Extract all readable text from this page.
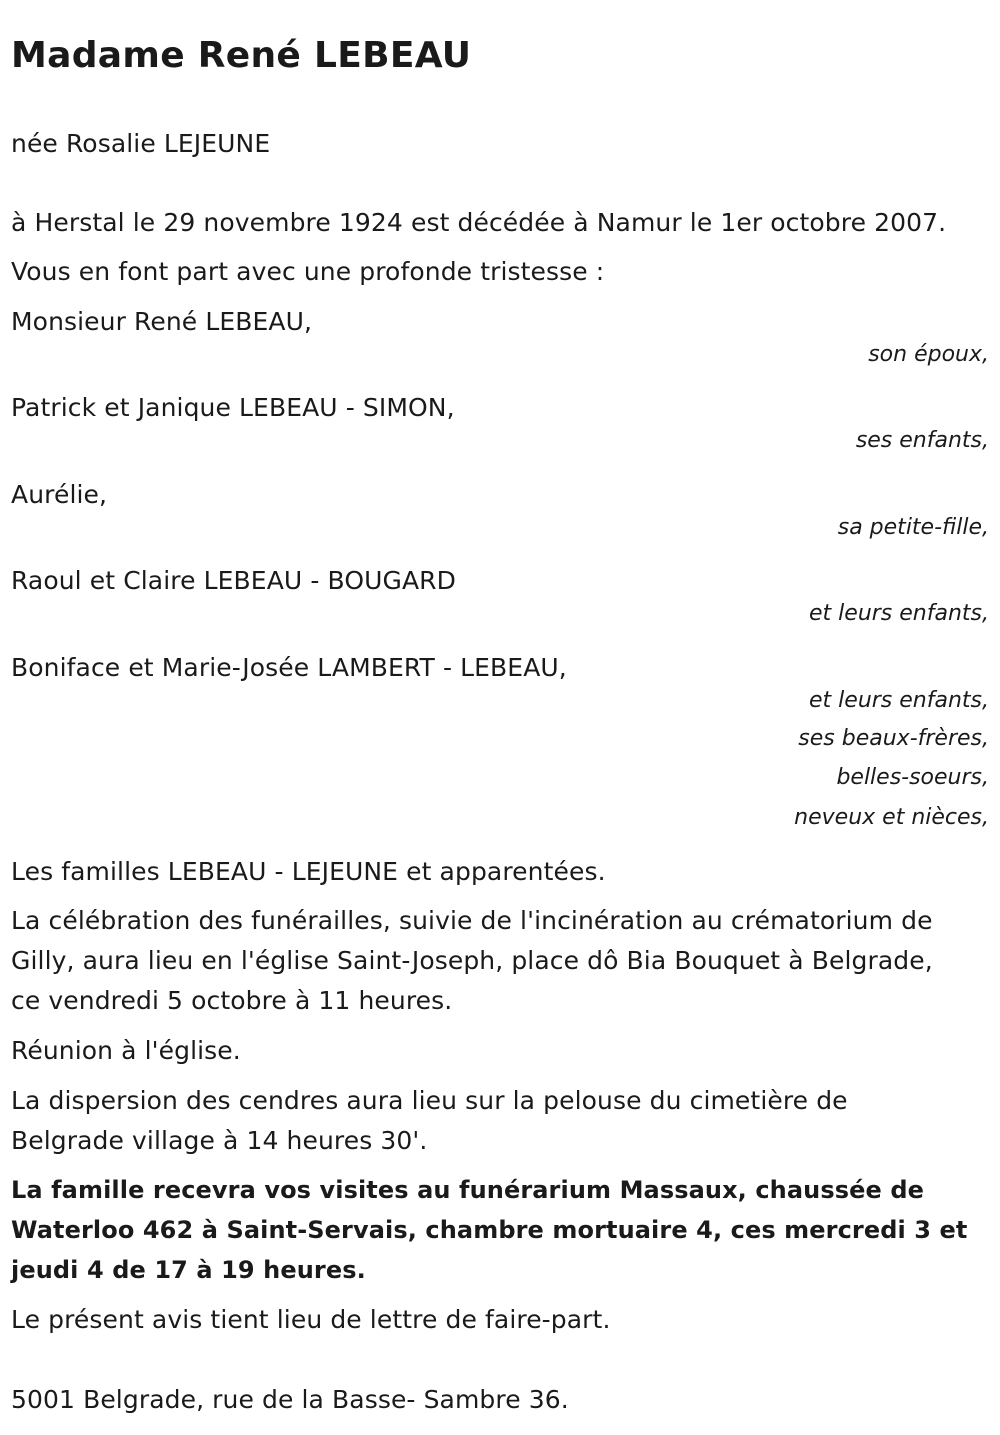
Madame René LEBEAU
née Rosalie LEJEUNE
à Herstal le 29 novembre 1924 est décédée à Namur le 1er octobre 2007.
Vous en font part avec une profonde tristesse :
Monsieur René LEBEAU,
son époux,
Patrick et Janique LEBEAU - SIMON,
ses enfants,
Aurélie,
sa petite-fille,
Raoul et Claire LEBEAU - BOUGARD
et leurs enfants,
Boniface et Marie-Josée LAMBERT - LEBEAU,
et leurs enfants,
ses beaux-frères,
belles-soeurs,
neveux et nièces,
Les familles LEBEAU - LEJEUNE et apparentées.
La célébration des funérailles, suivie de l'incinération au crématorium de
Gilly, aura lieu en l'église Saint-Joseph, place dô Bia Bouquet à Belgrade,
ce vendredi 5 octobre à 11 heures.
Réunion à l'église.
La dispersion des cendres aura lieu sur la pelouse du cimetière de
Belgrade village à 14 heures 30'.
La famille recevra vos visites au funérarium Massaux, chaussée de
Waterloo 462 à Saint-Servais, chambre mortuaire 4, ces mercredi 3 et
jeudi 4 de 17 à 19 heures.
Le présent avis tient lieu de lettre de faire-part.
5001 Belgrade, rue de la Basse- Sambre 36.
